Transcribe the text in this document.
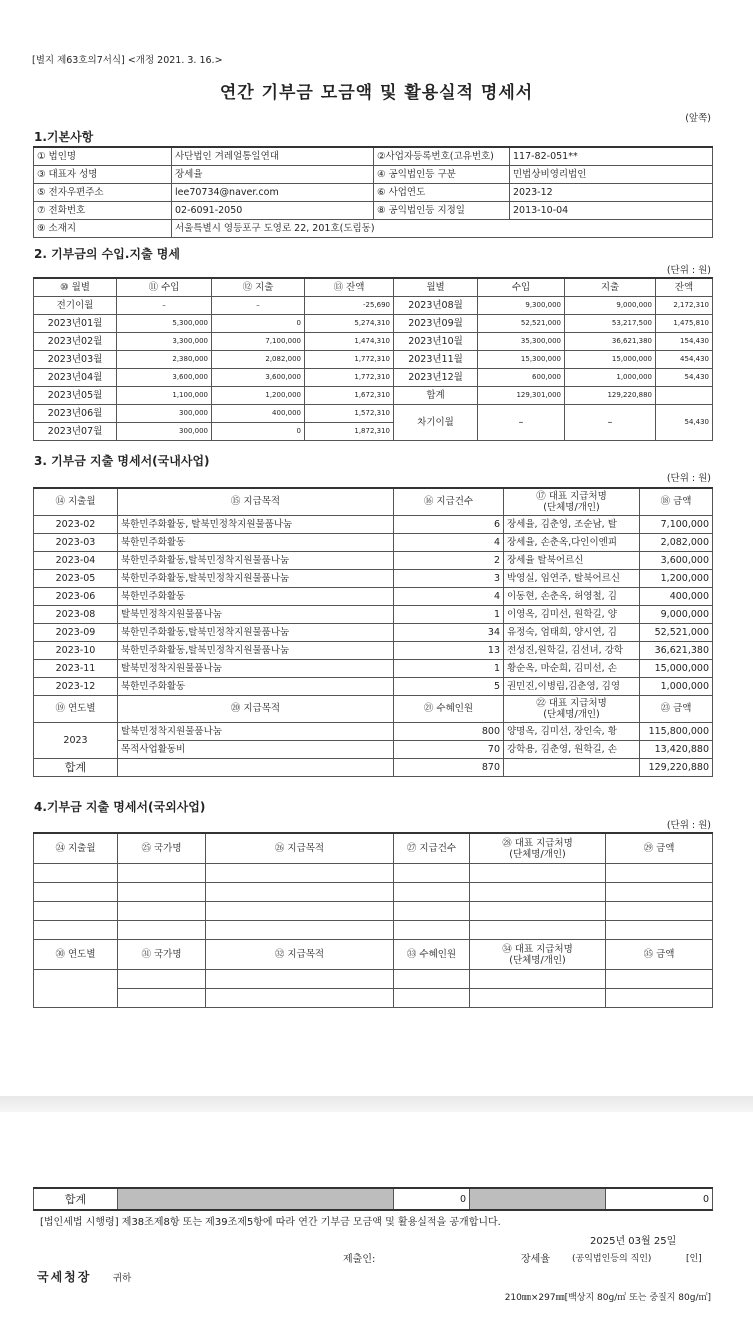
[별지 제63호의7서식] <개정 2021. 3. 16.>
연간 기부금 모금액 및 활용실적 명세서
(앞쪽)
1.기본사항
① 법인명	사단법인 겨레얼통일연대	②사업자등록번호(고유번호)	117-82-051**
③ 대표자 성명	장세율	④ 공익법인등 구분	민법상비영리법인
⑤ 전자우편주소	lee70734@naver.com	⑥ 사업연도	2023-12
⑦ 전화번호	02-6091-2050	⑧ 공익법인등 지정일	2013-10-04
⑨ 소재지	서울특별시 영등포구 도영로 22, 201호(도림동)		
2. 기부금의 수입.지출 명세
(단위 : 원)
⑩ 월별	⑪ 수입	⑫ 지출	⑬ 잔액	월별	수입	지출	잔액
전기이월	–	–	-25,690	2023년08월	9,300,000	9,000,000	2,172,310
2023년01월	5,300,000	0	5,274,310	2023년09월	52,521,000	53,217,500	1,475,810
2023년02월	3,300,000	7,100,000	1,474,310	2023년10월	35,300,000	36,621,380	154,430
2023년03월	2,380,000	2,082,000	1,772,310	2023년11월	15,300,000	15,000,000	454,430
2023년04월	3,600,000	3,600,000	1,772,310	2023년12월	600,000	1,000,000	54,430
2023년05월	1,100,000	1,200,000	1,672,310	합계	129,301,000	129,220,880	
2023년06월	300,000	400,000	1,572,310	차기이월	–	–	54,430
2023년07월	300,000	0	1,872,310				
3. 기부금 지출 명세서(국내사업)
(단위 : 원)
⑭ 지출월	⑮ 지급목적	⑯ 지급건수	⑰ 대표 지급처명
(단체명/개인)	⑱ 금액
2023-02	북한민주화활동, 탈북민정착지원물품나눔	6	장세율, 김춘영, 조순남, 탈	7,100,000
2023-03	북한민주화활동	4	장세율, 손춘옥,다인이엔피	2,082,000
2023-04	북한민주화활동,탈북민정착지원물품나눔	2	장세율 탈북어르신	3,600,000
2023-05	북한민주화활동,탈북민정착지원물품나눔	3	박영실, 임연주, 탈북어르신	1,200,000
2023-06	북한민주화활동	4	이동현, 손춘옥, 허영철, 김	400,000
2023-08	탈북민정착지원물품나눔	1	이영옥, 김미선, 원학길, 양	9,000,000
2023-09	북한민주화활동,탈북민정착지원물품나눔	34	유정숙, 엄태희, 양시연, 김	52,521,000
2023-10	북한민주화활동,탈북민정착지원물품나눔	13	전성진,원학길, 김선녀, 강학	36,621,380
2023-11	탈북민정착지원물품나눔	1	황순옥, 마순희, 김미선, 손	15,000,000
2023-12	북한민주화활동	5	권민진,이병림,김춘영, 김영	1,000,000
⑲ 연도별	⑳ 지급목적	㉑ 수혜인원	㉒ 대표 지급처명
(단체명/개인)	㉓ 금액
2023	탈북민정착지원물품나눔	800	양명옥, 김미선, 장인숙, 황	115,800,000
	목적사업활동비	70	강학용, 김춘영, 원학길, 손	13,420,880
합계		870		129,220,880
4.기부금 지출 명세서(국외사업)
(단위 : 원)
㉔ 지출월	㉕ 국가명	㉖ 지급목적	㉗ 지급건수	㉘ 대표 지급처명
(단체명/개인)	㉙ 금액

㉚ 연도별	㉛ 국가명	㉜ 지급목적	㉝ 수혜인원	㉞ 대표 지급처명
(단체명/개인)	㉟ 금액

합계		0		0
[법인세법 시행령] 제38조제8항 또는 제39조제5항에 따라 연간 기부금 모금액 및 활용실적을 공개합니다.
2025년 03월 25일
제출인:	장세율 (공익법인등의 직인)	[인]
국세청장 귀하
210㎜×297㎜[백상지 80g/㎡ 또는 중질지 80g/㎡]
